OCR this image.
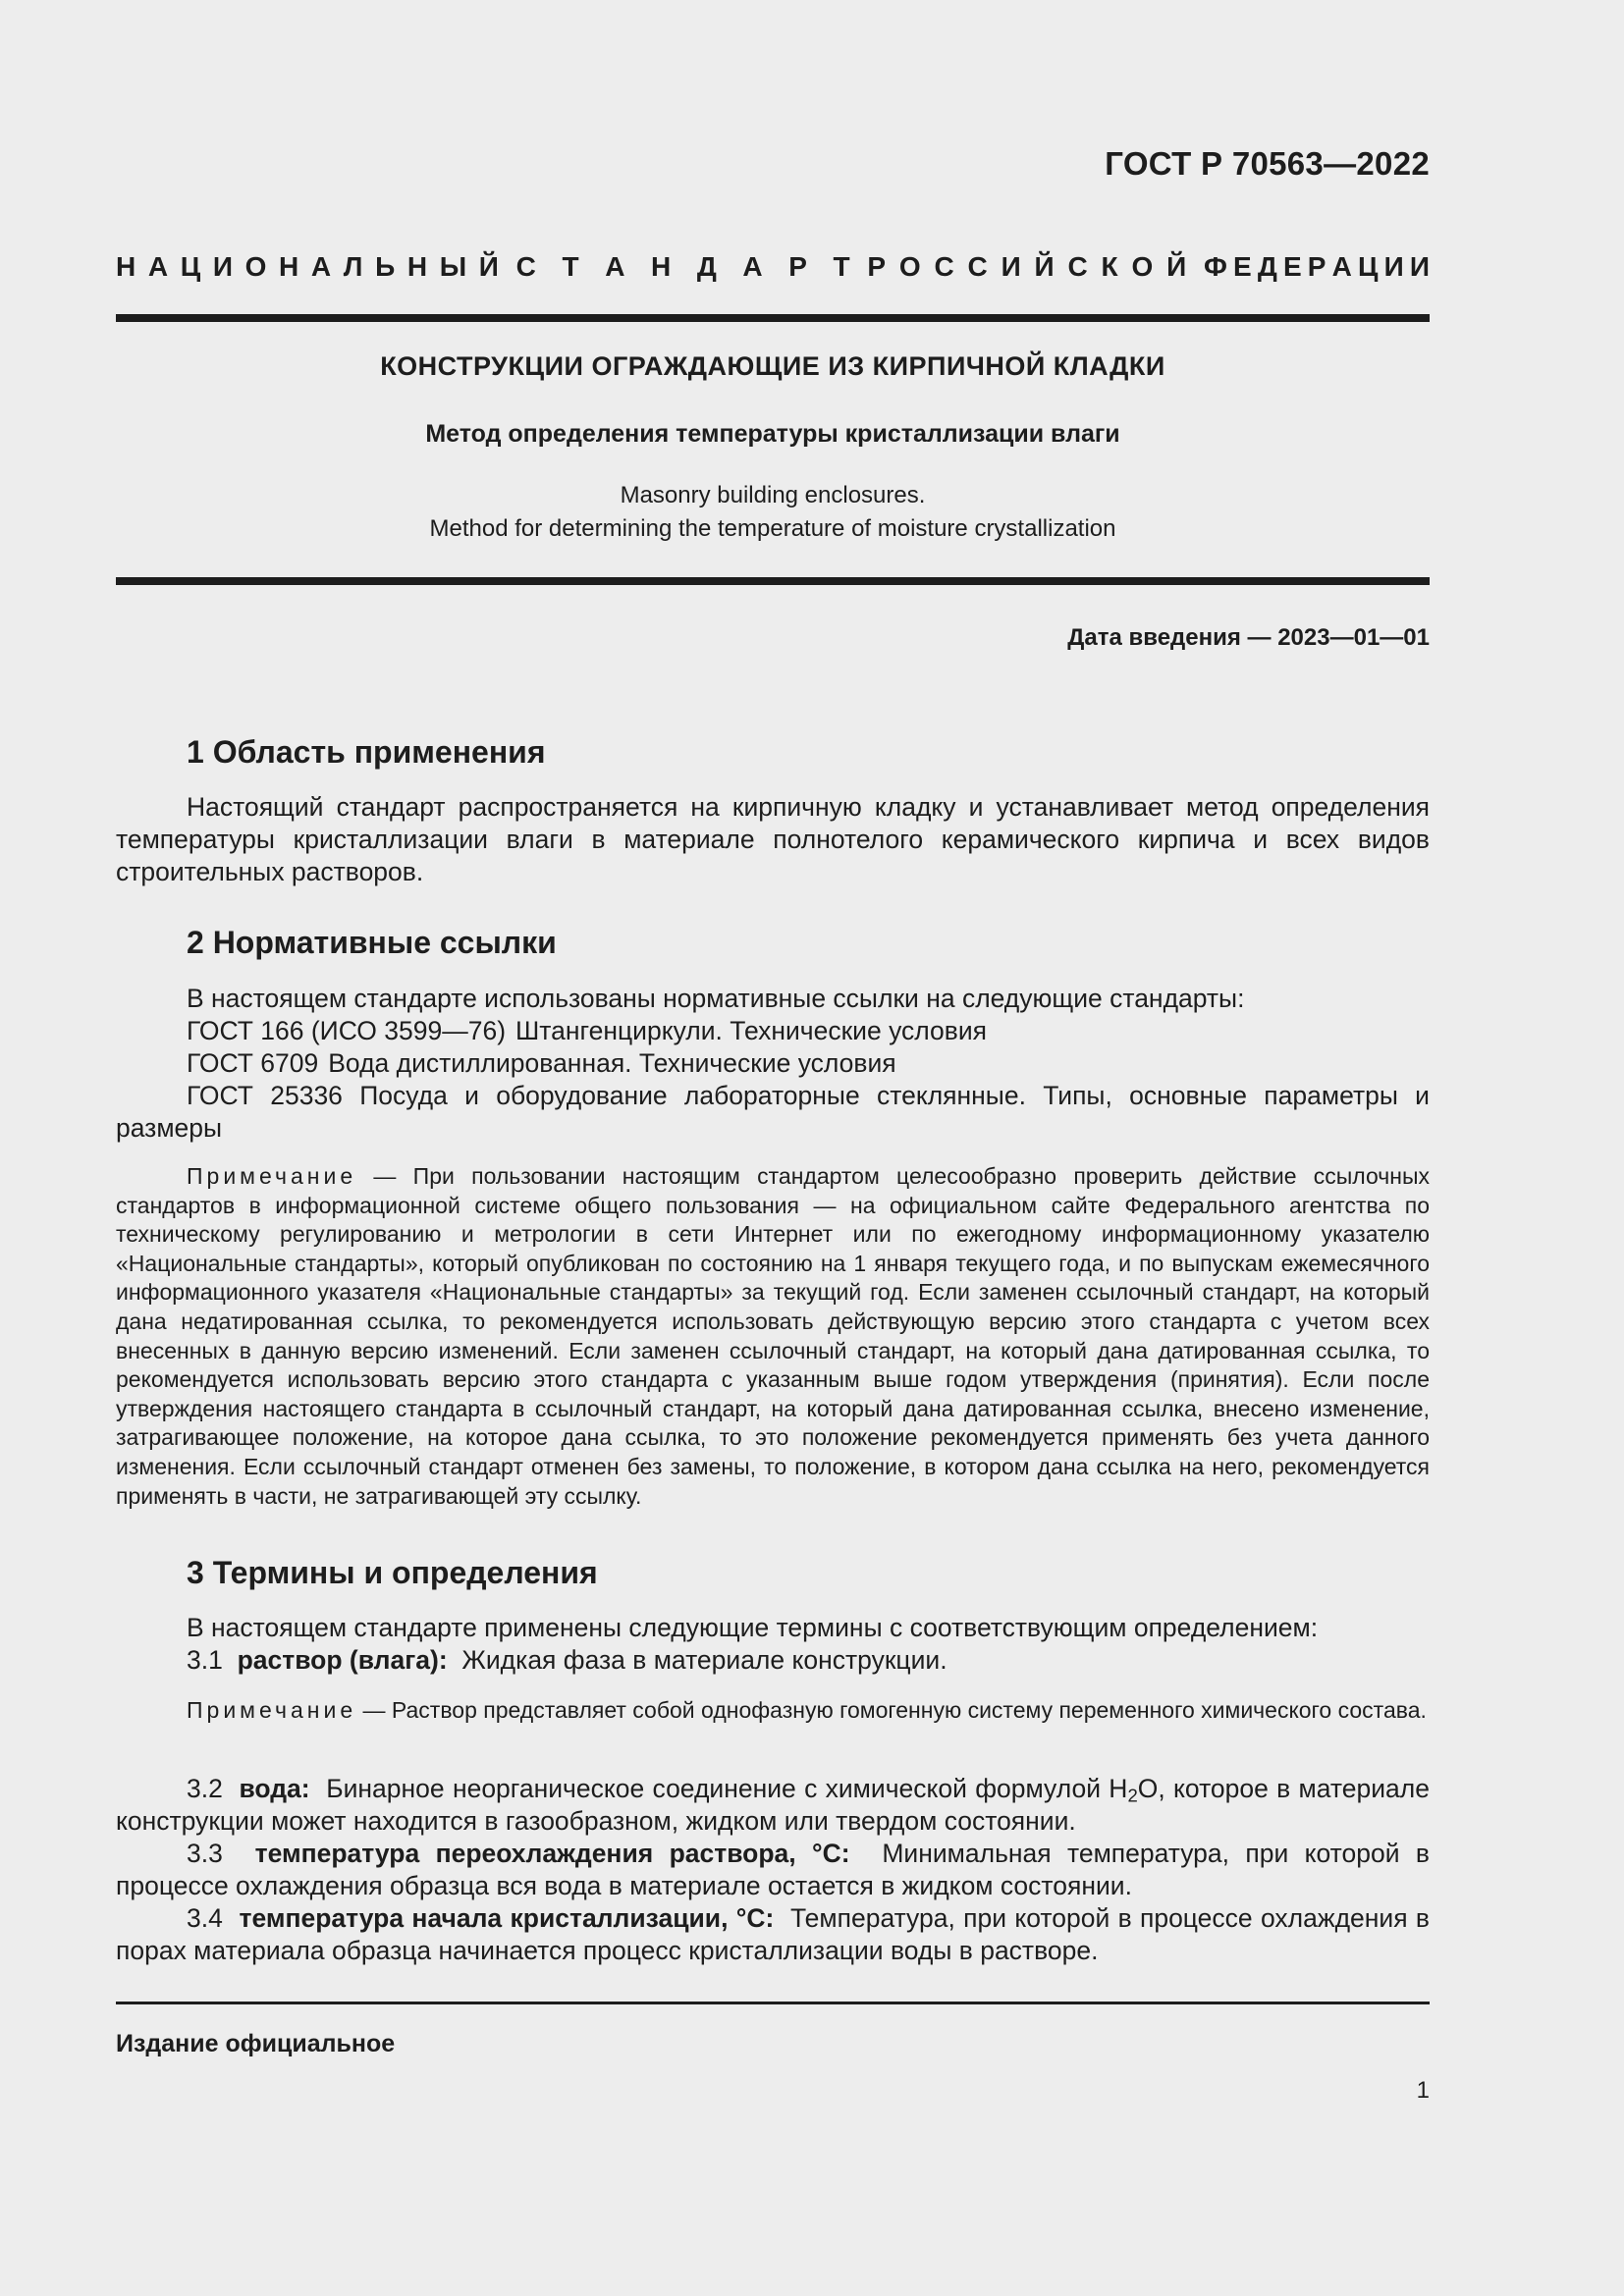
ГОСТ Р 70563—2022
Н А Ц И О Н А Л Ь Н Ы Й С Т А Н Д А Р Т Р О С С И Й С К О Й Ф Е Д Е Р А Ц И И
КОНСТРУКЦИИ ОГРАЖДАЮЩИЕ ИЗ КИРПИЧНОЙ КЛАДКИ
Метод определения температуры кристаллизации влаги
Masonry building enclosures.
Method for determining the temperature of moisture crystallization
Дата введения — 2023—01—01
1 Область применения

Настоящий стандарт распространяется на кирпичную кладку и устанавливает метод определения температуры кристаллизации влаги в материале полнотелого керамического кирпича и всех видов строительных растворов.

2 Нормативные ссылки

В настоящем стандарте использованы нормативные ссылки на следующие стандарты:

ГОСТ 166 (ИСО 3599—76) Штангенциркули. Технические условия
ГОСТ 6709 Вода дистиллированная. Технические условия

ГОСТ 25336 Посуда и оборудование лабораторные стеклянные. Типы, основные параметры и размеры

Примечание — При пользовании настоящим стандартом целесообразно проверить действие ссылочных стандартов в информационной системе общего пользования — на официальном сайте Федерального агентства по техническому регулированию и метрологии в сети Интернет или по ежегодному информационному указателю «Национальные стандарты», который опубликован по состоянию на 1 января текущего года, и по выпускам ежемесячного информационного указателя «Национальные стандарты» за текущий год. Если заменен ссылочный стандарт, на который дана недатированная ссылка, то рекомендуется использовать действующую версию этого стандарта с учетом всех внесенных в данную версию изменений. Если заменен ссылочный стандарт, на который дана датированная ссылка, то рекомендуется использовать версию этого стандарта с указанным выше годом утверждения (принятия). Если после утверждения настоящего стандарта в ссылочный стандарт, на который дана датированная ссылка, внесено изменение, затрагивающее положение, на которое дана ссылка, то это положение рекомендуется применять без учета данного изменения. Если ссылочный стандарт отменен без замены, то положение, в котором дана ссылка на него, рекомендуется применять в части, не затрагивающей эту ссылку.

3 Термины и определения

В настоящем стандарте применены следующие термины с соответствующим определением:

3.1 раствор (влага): Жидкая фаза в материале конструкции.

Примечание — Раствор представляет собой однофазную гомогенную систему переменного химического состава.

3.2 вода: Бинарное неорганическое соединение с химической формулой $H_2O$, которое в материале конструкции может находится в газообразном, жидком или твердом состоянии.

3.3 температура переохлаждения раствора, °С: Минимальная температура, при которой в процессе охлаждения образца вся вода в материале остается в жидком состоянии.

3.4 температура начала кристаллизации, °С: Температура, при которой в процессе охлаждения в порах материала образца начинается процесс кристаллизации воды в растворе.

Издание официальное
1
